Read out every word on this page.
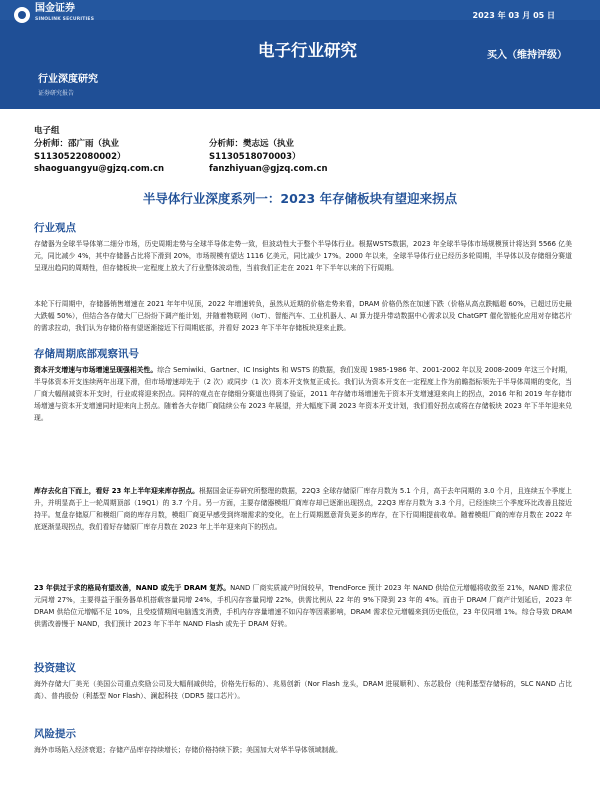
国金证券
SINOLINK SECURITIES	2023 年 03 月 05 日
电子行业研究	买入（维持评级）
行业深度研究
证券研究报告
电子组
分析师：邵广雨（执业
S1130522080002）
shaoguangyu@gjzq.com.cn
分析师：樊志远（执业
S1130518070003）
fanzhiyuan@gjzq.com.cn
半导体行业深度系列一：2023 年存储板块有望迎来拐点
行业观点

存储器为全球半导体第二细分市场，历史周期走势与全球半导体走势一致，但波动性大于整个半导体行业。根据WSTS数据，2023 年全球半导体市场规模预计将达到 5566 亿美元，同比减少 4%，其中存储器占比将下滑到 20%，市场规模有望达 1116 亿美元，同比减少 17%。2000 年以来，全球半导体行业已经历多轮周期，半导体以及存储细分赛道呈现出趋同的周期性，但存储板块一定程度上放大了行业整体波动性，当前我们正走在 2021 年下半年以来的下行周期。

本轮下行周期中，存储器销售增速在 2021 年年中见顶，2022 年增速转负，虽然从近期的价格走势来看，DRAM 价格仍然在加速下跌（价格从高点跌幅超 60%，已超过历史最大跌幅 50%），但结合各存储大厂已纷纷下调产能计划，并随着物联网（IoT）、智能汽车、工业机器人、AI 算力提升带动数据中心需求以及 ChatGPT 催化智能化应用对存储芯片的需求拉动，我们认为存储价格有望逐渐接近下行周期底部，并看好 2023 年下半年存储板块迎来止跌。

存储周期底部观察讯号

资本开支增速与市场增速呈现强相关性。综合 Semiwiki、Gartner、IC Insights 和 WSTS 的数据，我们发现 1985-1986 年、2001-2002 年以及 2008-2009 年这三个时期，半导体资本开支连续两年出现下滑，但市场增速却先于（2 次）或同步（1 次）资本开支恢复正成长。我们认为资本开支在一定程度上作为前瞻指标领先于半导体周期的变化，当厂商大幅削减资本开支时，行业或将迎来拐点。同样的观点在存储细分赛道也得到了验证，2011 年存储市场增速先于资本开支增速迎来向上的拐点，2016 年和 2019 年存储市场增速与资本开支增速同时迎来向上拐点。随着各大存储厂商陆续公布 2023 年展望，并大幅度下调 2023 年资本开支计划，我们看好拐点或将在存储板块 2023 年下半年迎来兑现。

库存去化自下而上，看好 23 年上半年迎来库存拐点。根据国金证券研究所整理的数据，22Q3 全球存储原厂库存月数为 5.1 个月，高于去年同期的 3.0 个月，且连续五个季度上升，并明显高于上一轮周期顶部（19Q1）的 3.7 个月。另一方面，主要存储器模组厂商库存却已逐渐出现拐点，22Q3 库存月数为 3.3 个月，已经连续三个季度环比改善且接近持平。复盘存储原厂和模组厂商的库存月数，模组厂商更早感受到终端需求的变化，在上行周期愿意背负更多的库存，在下行周期提前收单。随着模组厂商的库存月数在 2022 年底逐渐显现拐点，我们看好存储原厂库存月数在 2023 年上半年迎来向下的拐点。

23 年供过于求的格局有望改善，NAND 或先于 DRAM 复苏。NAND 厂商实质减产时间较早，TrendForce 预计 2023 年 NAND 供给位元增幅将收敛至 21%，NAND 需求位元同增 27%，主要得益于服务器单机搭载容量同增 24%，手机闪存容量同增 22%，供需比例从 22 年的 9%下降到 23 年的 4%。而由于 DRAM 厂商产计划延后，2023 年 DRAM 供给位元增幅不足 10%，且受疫情期间电脑透支消费，手机内存容量增速不如闪存等因素影响，DRAM 需求位元增幅来到历史低位，23 年仅同增 1%。综合导致 DRAM 供需改善慢于 NAND，我们预计 2023 年下半年 NAND Flash 或先于 DRAM 好转。

投资建议

海外存储大厂美光（美国公司重点奖励公司及大幅削减供给，价格先行标的）、兆易创新（Nor Flash 龙头，DRAM 进展顺利）、东芯股份（纯利基型存储标的，SLC NAND 占比高）、普冉股份（利基型 Nor Flash）、澜起科技（DDR5 接口芯片）。

风险提示

海外市场陷入经济衰退；存储产品库存持续增长；存储价格持续下跌；美国加大对华半导体领域制裁。
